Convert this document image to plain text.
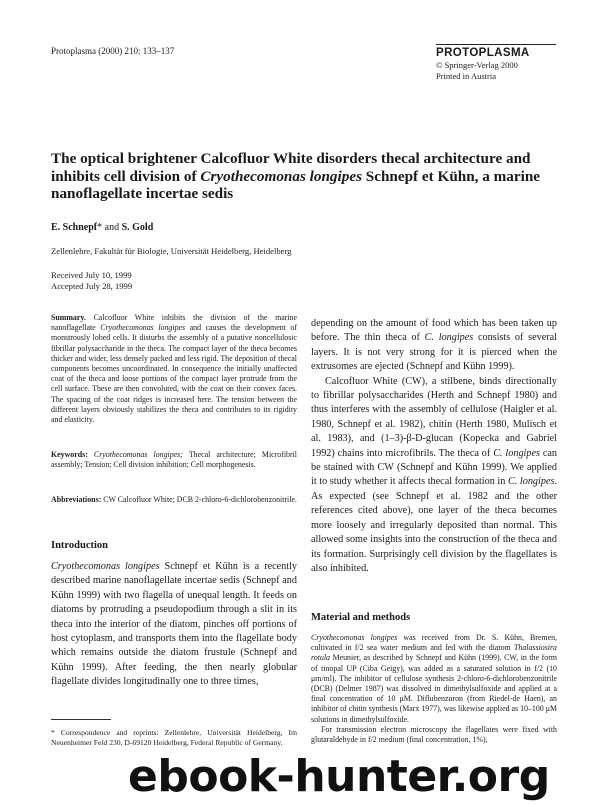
Protoplasma (2000) 210: 133–137	PROTOPLASMA
© Springer-Verlag 2000
Printed in Austria
The optical brightener Calcofluor White disorders thecal architecture and inhibits cell division of Cryothecomonas longipes Schnepf et Kühn, a marine nanoflagellate incertae sedis
E. Schnepf* and S. Gold
Zellenlehre, Fakultät für Biologie, Universität Heidelberg, Heidelberg
Received July 10, 1999
Accepted July 28, 1999
Summary. Calcofluor White inhibits the division of the marine nanoflagellate Cryothecomonas longipes and causes the development of monstrously lobed cells. It disturbs the assembly of a putative noncellulosic fibrillar polysaccharide in the theca. The compact layer of the theca becomes thicker and wider, less densely packed and less rigid. The deposition of thecal components becomes uncoordinated. In consequence the initially unaffected coat of the theca and loose portions of the compact layer protrude from the cell surface. These are then convoluted, with the coat on their convex faces. The spacing of the coat ridges is increased here. The tension between the different layers obviously stabilizes the theca and contributes to its rigidity and elasticity.
Keywords: Cryothecomonas longipes; Thecal architecture; Microfibril assembly; Tension; Cell division inhibition; Cell morphogenesis.
Abbreviations: CW Calcofluor White; DCB 2-chloro-6-dichlorobenzonitrile.
Introduction
Cryothecomonas longipes Schnepf et Kühn is a recently described marine nanoflagellate incertae sedis (Schnepf and Kühn 1999) with two flagella of unequal length. It feeds on diatoms by protruding a pseudopodium through a slit in its theca into the interior of the diatom, pinches off portions of host cytoplasm, and transports them into the flagellate body which remains outside the diatom frustule (Schnepf and Kühn 1999). After feeding, the then nearly globular flagellate divides longitudinally one to three times,
* Correspondence and reprints: Zellenlehre, Universität Heidelberg, Im Neuenheimer Feld 230, D-69120 Heidelberg, Federal Republic of Germany.

depending on the amount of food which has been taken up before. The thin theca of C. longipes consists of several layers. It is not very strong for it is pierced when the extrusomes are ejected (Schnepf and Kühn 1999).

Calcofluor White (CW), a stilbene, binds directionally to fibrillar polysaccharides (Herth and Schnepf 1980) and thus interferes with the assembly of cellulose (Haigler et al. 1980, Schnepf et al. 1982), chitin (Herth 1980, Mulisch et al. 1983), and (1–3)-β-D-glucan (Kopecka and Gabriel 1992) chains into microfibrils. The theca of C. longipes can be stained with CW (Schnepf and Kühn 1999). We applied it to study whether it affects thecal formation in C. longipes. As expected (see Schnepf et al. 1982 and the other references cited above), one layer of the theca becomes more loosely and irregularly deposited than normal. This allowed some insights into the construction of the theca and its formation. Surprisingly cell division by the flagellates is also inhibited.

Material and methods

Cryothecomonas longipes was received from Dr. S. Kühn, Bremen, cultivated in f/2 sea water medium and fed with the diatom Thalassiosira rotula Meunier, as described by Schnepf and Kühn (1999). CW, in the form of tinopal UP (Ciba Geigy), was added as a saturated solution in f/2 (10 μm/ml). The inhibitor of cellulose synthesis 2-chloro-6-dichlorobenzonitrile (DCB) (Delmer 1987) was dissolved in dimethylsulfoxide and applied at a final concentration of 10 μM. Diflubenzuron (from Riedel-de Haen), an inhibitor of chitin synthesis (Marx 1977), was likewise applied as 10–100 μM solutions in dimethylsulfoxide.

For transmission electron microscopy the flagellates were fixed with glutaraldehyde in f/2 medium (final concentration, 1%),

ebook-hunter.org
